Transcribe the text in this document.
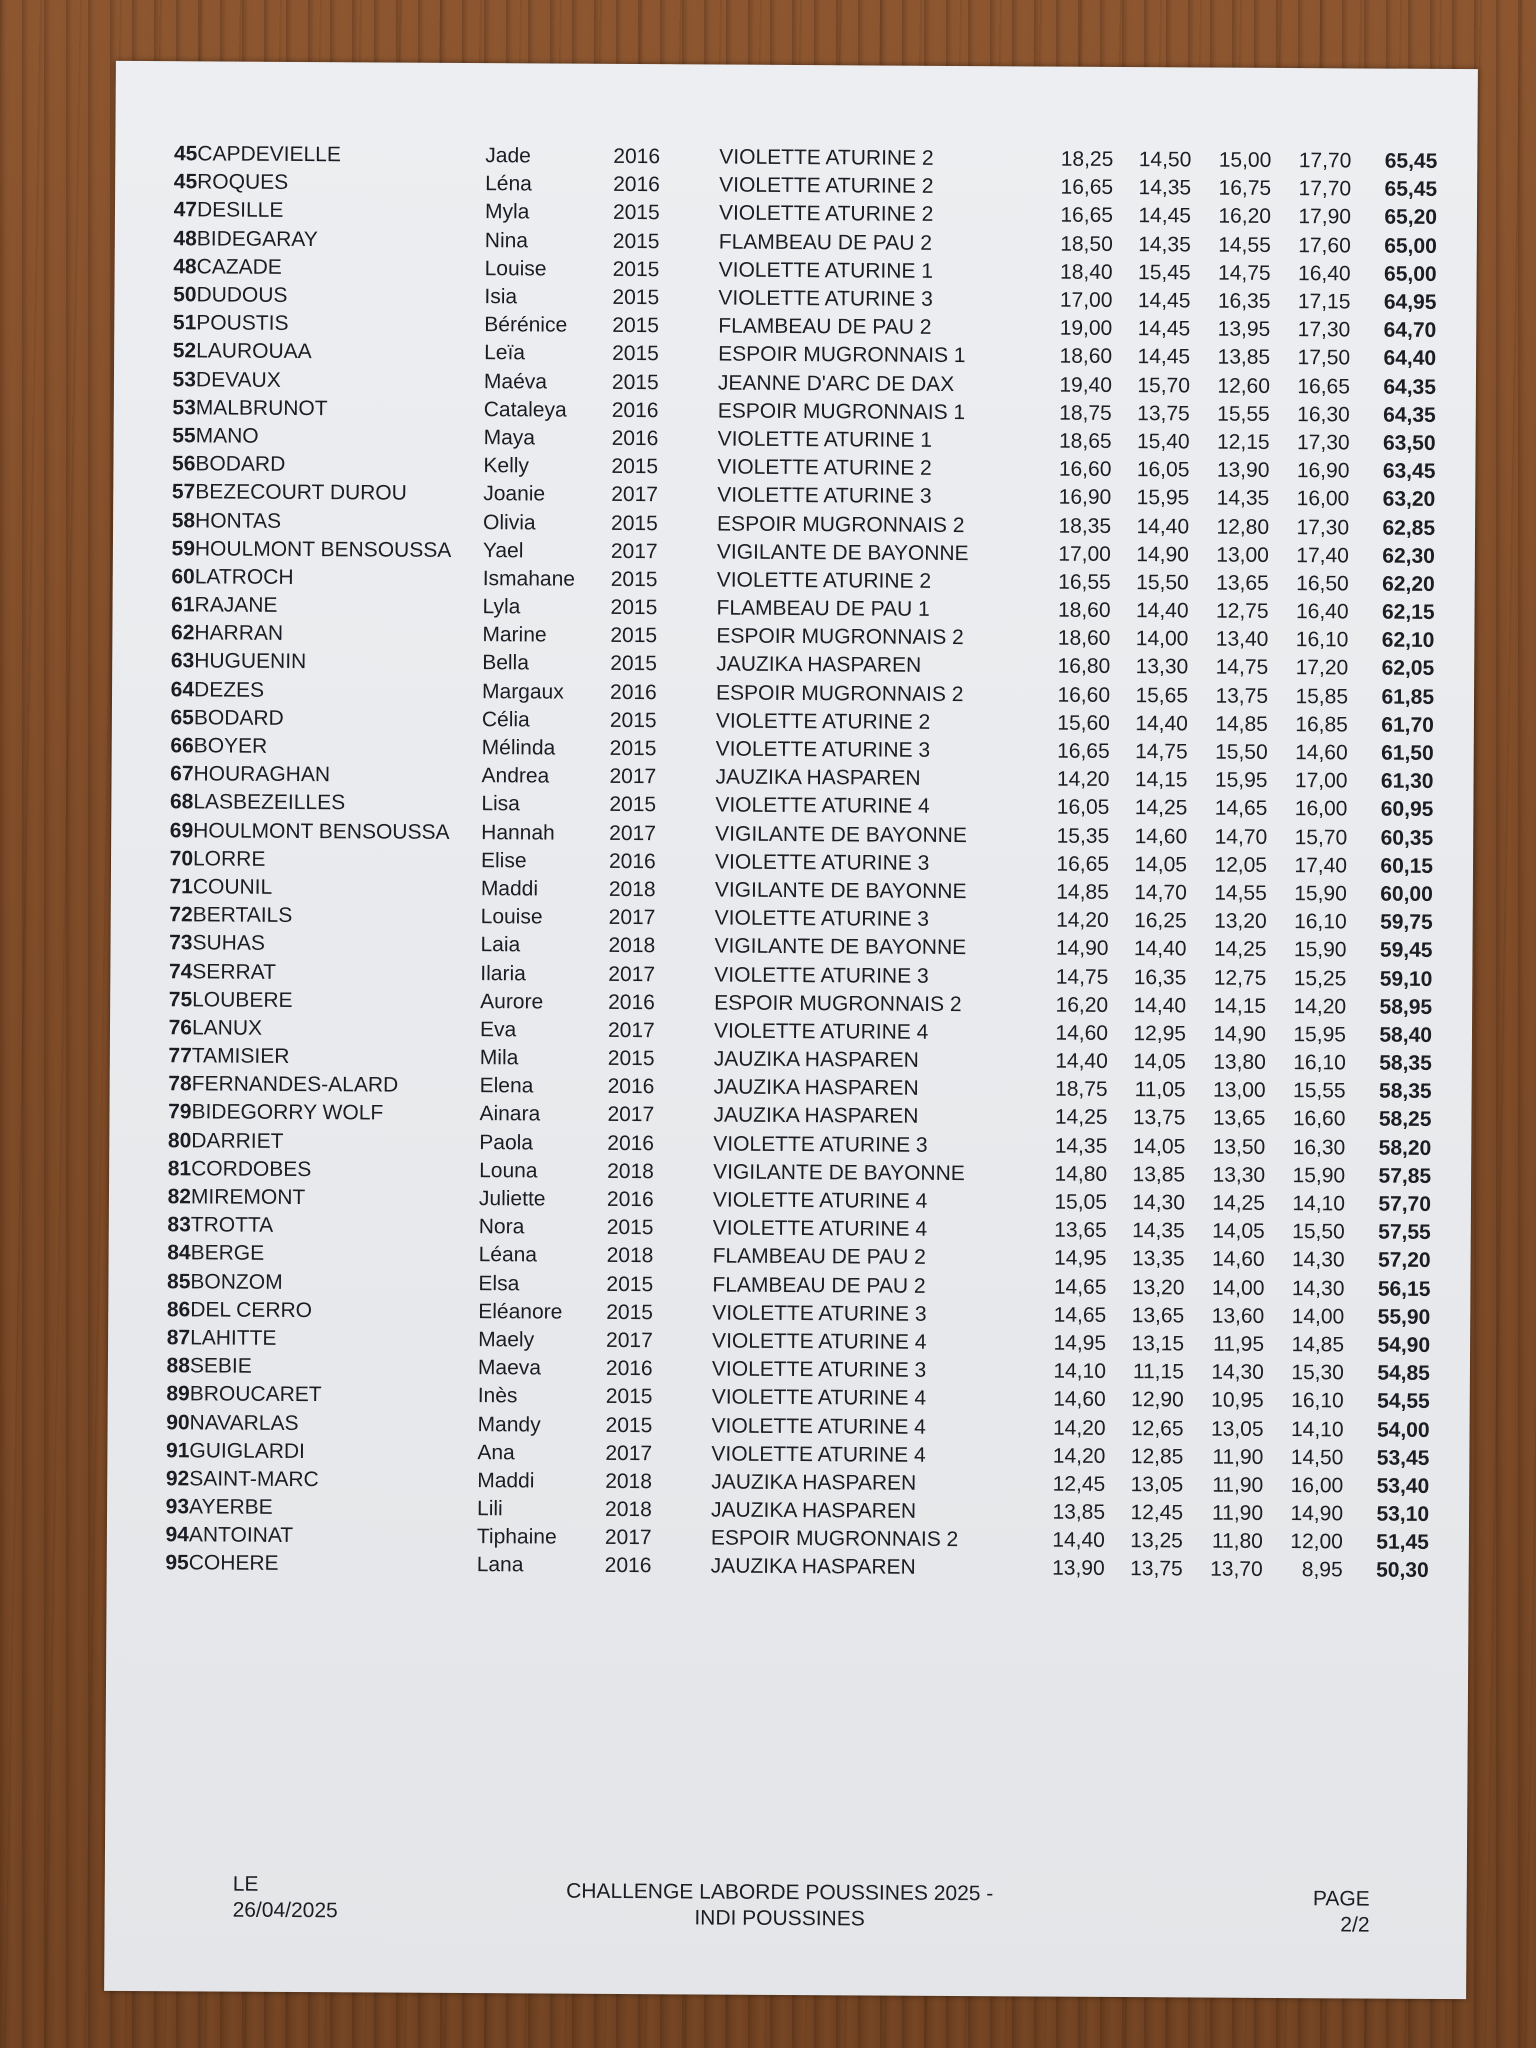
45	CAPDEVIELLE	Jade	2016	VIOLETTE ATURINE 2	18,25	14,50	15,00	17,70	65,45	
45	ROQUES	Léna	2016	VIOLETTE ATURINE 2	16,65	14,35	16,75	17,70	65,45	
47	DESILLE	Myla	2015	VIOLETTE ATURINE 2	16,65	14,45	16,20	17,90	65,20	
48	BIDEGARAY	Nina	2015	FLAMBEAU DE PAU 2	18,50	14,35	14,55	17,60	65,00	
48	CAZADE	Louise	2015	VIOLETTE ATURINE 1	18,40	15,45	14,75	16,40	65,00	
50	DUDOUS	Isia	2015	VIOLETTE ATURINE 3	17,00	14,45	16,35	17,15	64,95	
51	POUSTIS	Bérénice	2015	FLAMBEAU DE PAU 2	19,00	14,45	13,95	17,30	64,70	
52	LAUROUAA	Leïa	2015	ESPOIR MUGRONNAIS 1	18,60	14,45	13,85	17,50	64,40	
53	DEVAUX	Maéva	2015	JEANNE D'ARC DE DAX	19,40	15,70	12,60	16,65	64,35	
53	MALBRUNOT	Cataleya	2016	ESPOIR MUGRONNAIS 1	18,75	13,75	15,55	16,30	64,35	
55	MANO	Maya	2016	VIOLETTE ATURINE 1	18,65	15,40	12,15	17,30	63,50	
56	BODARD	Kelly	2015	VIOLETTE ATURINE 2	16,60	16,05	13,90	16,90	63,45	
57	BEZECOURT DUROU	Joanie	2017	VIOLETTE ATURINE 3	16,90	15,95	14,35	16,00	63,20	
58	HONTAS	Olivia	2015	ESPOIR MUGRONNAIS 2	18,35	14,40	12,80	17,30	62,85	
59	HOULMONT BENSOUSSA	Yael	2017	VIGILANTE DE BAYONNE	17,00	14,90	13,00	17,40	62,30	
60	LATROCH	Ismahane	2015	VIOLETTE ATURINE 2	16,55	15,50	13,65	16,50	62,20	
61	RAJANE	Lyla	2015	FLAMBEAU DE PAU 1	18,60	14,40	12,75	16,40	62,15	
62	HARRAN	Marine	2015	ESPOIR MUGRONNAIS 2	18,60	14,00	13,40	16,10	62,10	
63	HUGUENIN	Bella	2015	JAUZIKA HASPAREN	16,80	13,30	14,75	17,20	62,05	
64	DEZES	Margaux	2016	ESPOIR MUGRONNAIS 2	16,60	15,65	13,75	15,85	61,85	
65	BODARD	Célia	2015	VIOLETTE ATURINE 2	15,60	14,40	14,85	16,85	61,70	
66	BOYER	Mélinda	2015	VIOLETTE ATURINE 3	16,65	14,75	15,50	14,60	61,50	
67	HOURAGHAN	Andrea	2017	JAUZIKA HASPAREN	14,20	14,15	15,95	17,00	61,30	
68	LASBEZEILLES	Lisa	2015	VIOLETTE ATURINE 4	16,05	14,25	14,65	16,00	60,95	
69	HOULMONT BENSOUSSA	Hannah	2017	VIGILANTE DE BAYONNE	15,35	14,60	14,70	15,70	60,35	
70	LORRE	Elise	2016	VIOLETTE ATURINE 3	16,65	14,05	12,05	17,40	60,15	
71	COUNIL	Maddi	2018	VIGILANTE DE BAYONNE	14,85	14,70	14,55	15,90	60,00	
72	BERTAILS	Louise	2017	VIOLETTE ATURINE 3	14,20	16,25	13,20	16,10	59,75	
73	SUHAS	Laia	2018	VIGILANTE DE BAYONNE	14,90	14,40	14,25	15,90	59,45	
74	SERRAT	Ilaria	2017	VIOLETTE ATURINE 3	14,75	16,35	12,75	15,25	59,10	
75	LOUBERE	Aurore	2016	ESPOIR MUGRONNAIS 2	16,20	14,40	14,15	14,20	58,95	
76	LANUX	Eva	2017	VIOLETTE ATURINE 4	14,60	12,95	14,90	15,95	58,40	
77	TAMISIER	Mila	2015	JAUZIKA HASPAREN	14,40	14,05	13,80	16,10	58,35	
78	FERNANDES-ALARD	Elena	2016	JAUZIKA HASPAREN	18,75	11,05	13,00	15,55	58,35	
79	BIDEGORRY WOLF	Ainara	2017	JAUZIKA HASPAREN	14,25	13,75	13,65	16,60	58,25	
80	DARRIET	Paola	2016	VIOLETTE ATURINE 3	14,35	14,05	13,50	16,30	58,20	
81	CORDOBES	Louna	2018	VIGILANTE DE BAYONNE	14,80	13,85	13,30	15,90	57,85	
82	MIREMONT	Juliette	2016	VIOLETTE ATURINE 4	15,05	14,30	14,25	14,10	57,70	
83	TROTTA	Nora	2015	VIOLETTE ATURINE 4	13,65	14,35	14,05	15,50	57,55	
84	BERGE	Léana	2018	FLAMBEAU DE PAU 2	14,95	13,35	14,60	14,30	57,20	
85	BONZOM	Elsa	2015	FLAMBEAU DE PAU 2	14,65	13,20	14,00	14,30	56,15	
86	DEL CERRO	Eléanore	2015	VIOLETTE ATURINE 3	14,65	13,65	13,60	14,00	55,90	
87	LAHITTE	Maely	2017	VIOLETTE ATURINE 4	14,95	13,15	11,95	14,85	54,90	
88	SEBIE	Maeva	2016	VIOLETTE ATURINE 3	14,10	11,15	14,30	15,30	54,85	
89	BROUCARET	Inès	2015	VIOLETTE ATURINE 4	14,60	12,90	10,95	16,10	54,55	
90	NAVARLAS	Mandy	2015	VIOLETTE ATURINE 4	14,20	12,65	13,05	14,10	54,00	
91	GUIGLARDI	Ana	2017	VIOLETTE ATURINE 4	14,20	12,85	11,90	14,50	53,45	
92	SAINT-MARC	Maddi	2018	JAUZIKA HASPAREN	12,45	13,05	11,90	16,00	53,40	
93	AYERBE	Lili	2018	JAUZIKA HASPAREN	13,85	12,45	11,90	14,90	53,10	
94	ANTOINAT	Tiphaine	2017	ESPOIR MUGRONNAIS 2	14,40	13,25	11,80	12,00	51,45	
95	COHERE	Lana	2016	JAUZIKA HASPAREN	13,90	13,75	13,70	8,95	50,30	
LE
26/04/2025
CHALLENGE LABORDE POUSSINES 2025 -
INDI POUSSINES
PAGE
2/2
